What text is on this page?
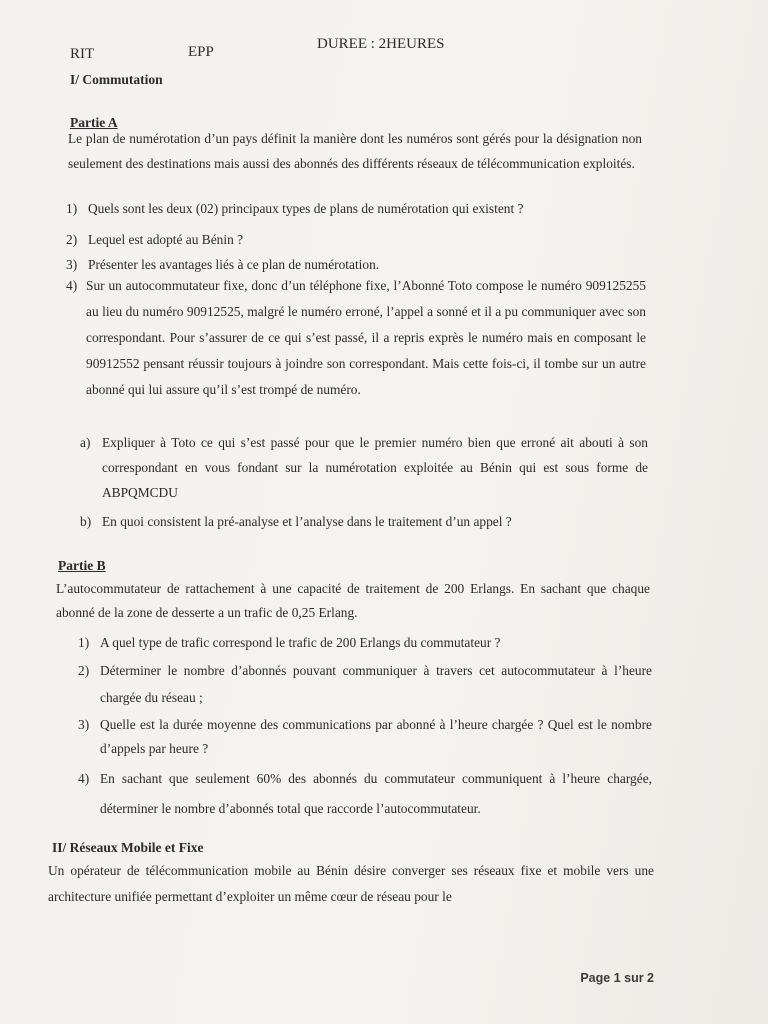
RIT	EPP	DUREE : 2HEURES
I/ Commutation
Partie A
Le plan de numérotation d’un pays définit la manière dont les numéros sont gérés pour la désignation non seulement des destinations mais aussi des abonnés des différents réseaux de télécommunication exploités.
1) Quels sont les deux (02) principaux types de plans de numérotation qui existent ?
2) Lequel est adopté au Bénin ?
3) Présenter les avantages liés à ce plan de numérotation.
4) Sur un autocommutateur fixe, donc d’un téléphone fixe, l’Abonné Toto compose le numéro 909125255 au lieu du numéro 90912525, malgré le numéro erroné, l’appel a sonné et il a pu communiquer avec son correspondant. Pour s’assurer de ce qui s’est passé, il a repris exprès le numéro mais en composant le 90912552 pensant réussir toujours à joindre son correspondant. Mais cette fois-ci, il tombe sur un autre abonné qui lui assure qu’il s’est trompé de numéro.
a) Expliquer à Toto ce qui s’est passé pour que le premier numéro bien que erroné ait abouti à son correspondant en vous fondant sur la numérotation exploitée au Bénin qui est sous forme de ABPQMCDU
b) En quoi consistent la pré-analyse et l’analyse dans le traitement d’un appel ?
Partie B
L’autocommutateur de rattachement à une capacité de traitement de 200 Erlangs. En sachant que chaque abonné de la zone de desserte a un trafic de 0,25 Erlang.
1) A quel type de trafic correspond le trafic de 200 Erlangs du commutateur ?
2) Déterminer le nombre d’abonnés pouvant communiquer à travers cet autocommutateur à l’heure chargée du réseau ;
3) Quelle est la durée moyenne des communications par abonné à l’heure chargée ? Quel est le nombre d’appels par heure ?
4) En sachant que seulement 60% des abonnés du commutateur communiquent à l’heure chargée, déterminer le nombre d’abonnés total que raccorde l’autocommutateur.
II/ Réseaux Mobile et Fixe
Un opérateur de télécommunication mobile au Bénin désire converger ses réseaux fixe et mobile vers une architecture unifiée permettant d’exploiter un même cœur de réseau pour le
Page 1 sur 2
